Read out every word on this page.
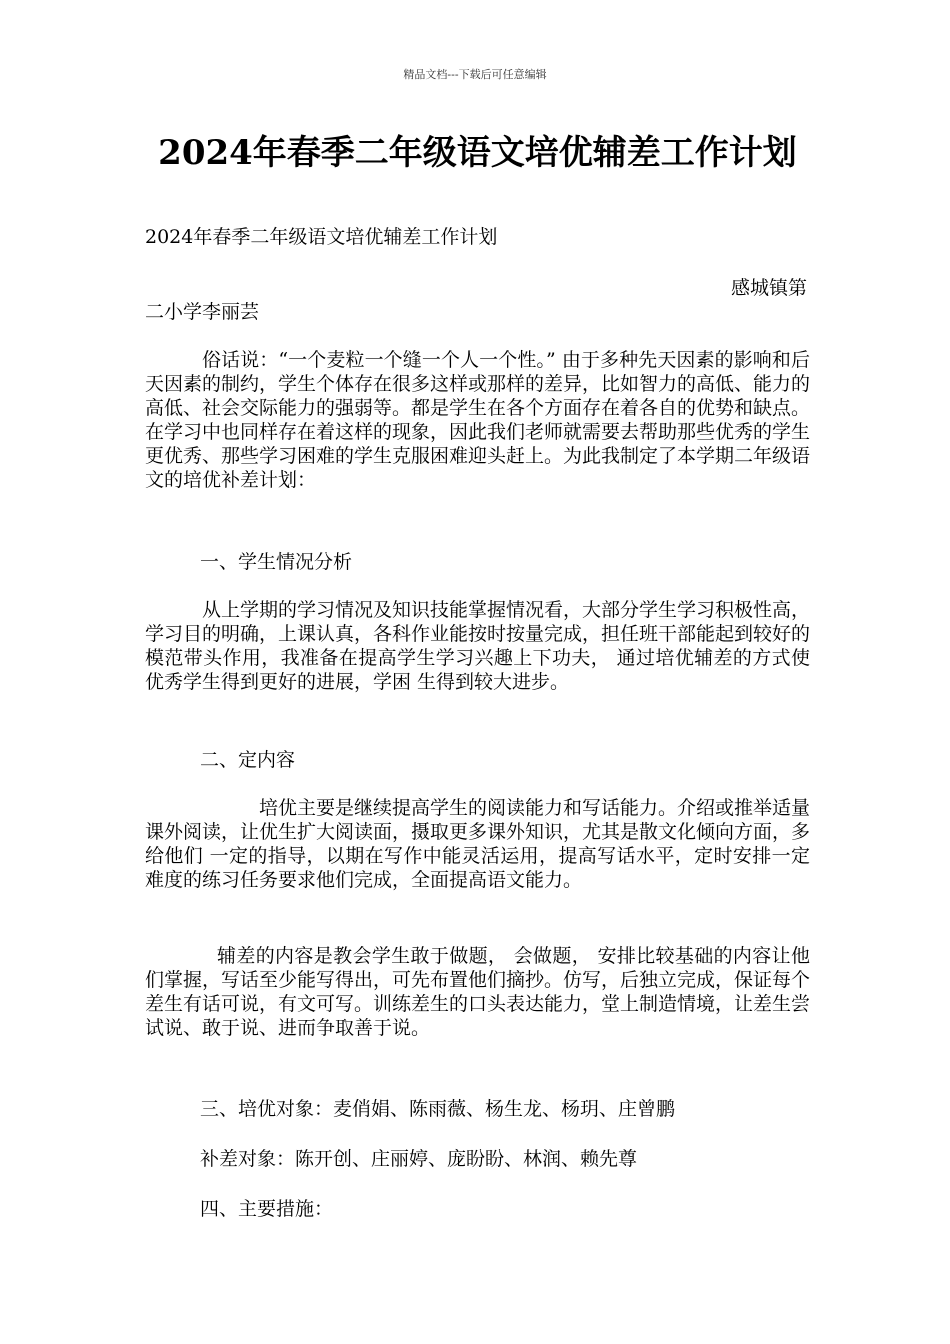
精品文档---下载后可任意编辑
2024年春季二年级语文培优辅差工作计划
2024年春季二年级语文培优辅差工作计划
感城镇第
二小学李丽芸

俗话说：“一个麦粒一个缝一个人一个性。” 由于多种先天因素的影响和后天因素的制约，学生个体存在很多这样或那样的差异，比如智力的高低、能力的高低、社会交际能力的强弱等。都是学生在各个方面存在着各自的优势和缺点。在学习中也同样存在着这样的现象，因此我们老师就需要去帮助那些优秀的学生更优秀、那些学习困难的学生克服困难迎头赶上。为此我制定了本学期二年级语文的培优补差计划：

一、学生情况分析

从上学期的学习情况及知识技能掌握情况看，大部分学生学习积极性高，学习目的明确，上课认真，各科作业能按时按量完成，担任班干部能起到较好的模范带头作用，我准备在提高学生学习兴趣上下功夫， 通过培优辅差的方式使优秀学生得到更好的进展，学困 生得到较大进步。

二、定内容

培优主要是继续提高学生的阅读能力和写话能力。介绍或推举适量课外阅读，让优生扩大阅读面，摄取更多课外知识，尤其是散文化倾向方面，多给他们 一定的指导，以期在写作中能灵活运用，提高写话水平，定时安排一定难度的练习任务要求他们完成，全面提高语文能力。

辅差的内容是教会学生敢于做题， 会做题， 安排比较基础的内容让他们掌握，写话至少能写得出，可先布置他们摘抄。仿写，后独立完成，保证每个差生有话可说，有文可写。训练差生的口头表达能力，堂上制造情境，让差生尝试说、敢于说、进而争取善于说。

三、培优对象：麦俏娟、陈雨薇、杨生龙、杨玥、庄曾鹏
补差对象：陈开创、庄丽婷、庞盼盼、林润、赖先尊
四、主要措施：
